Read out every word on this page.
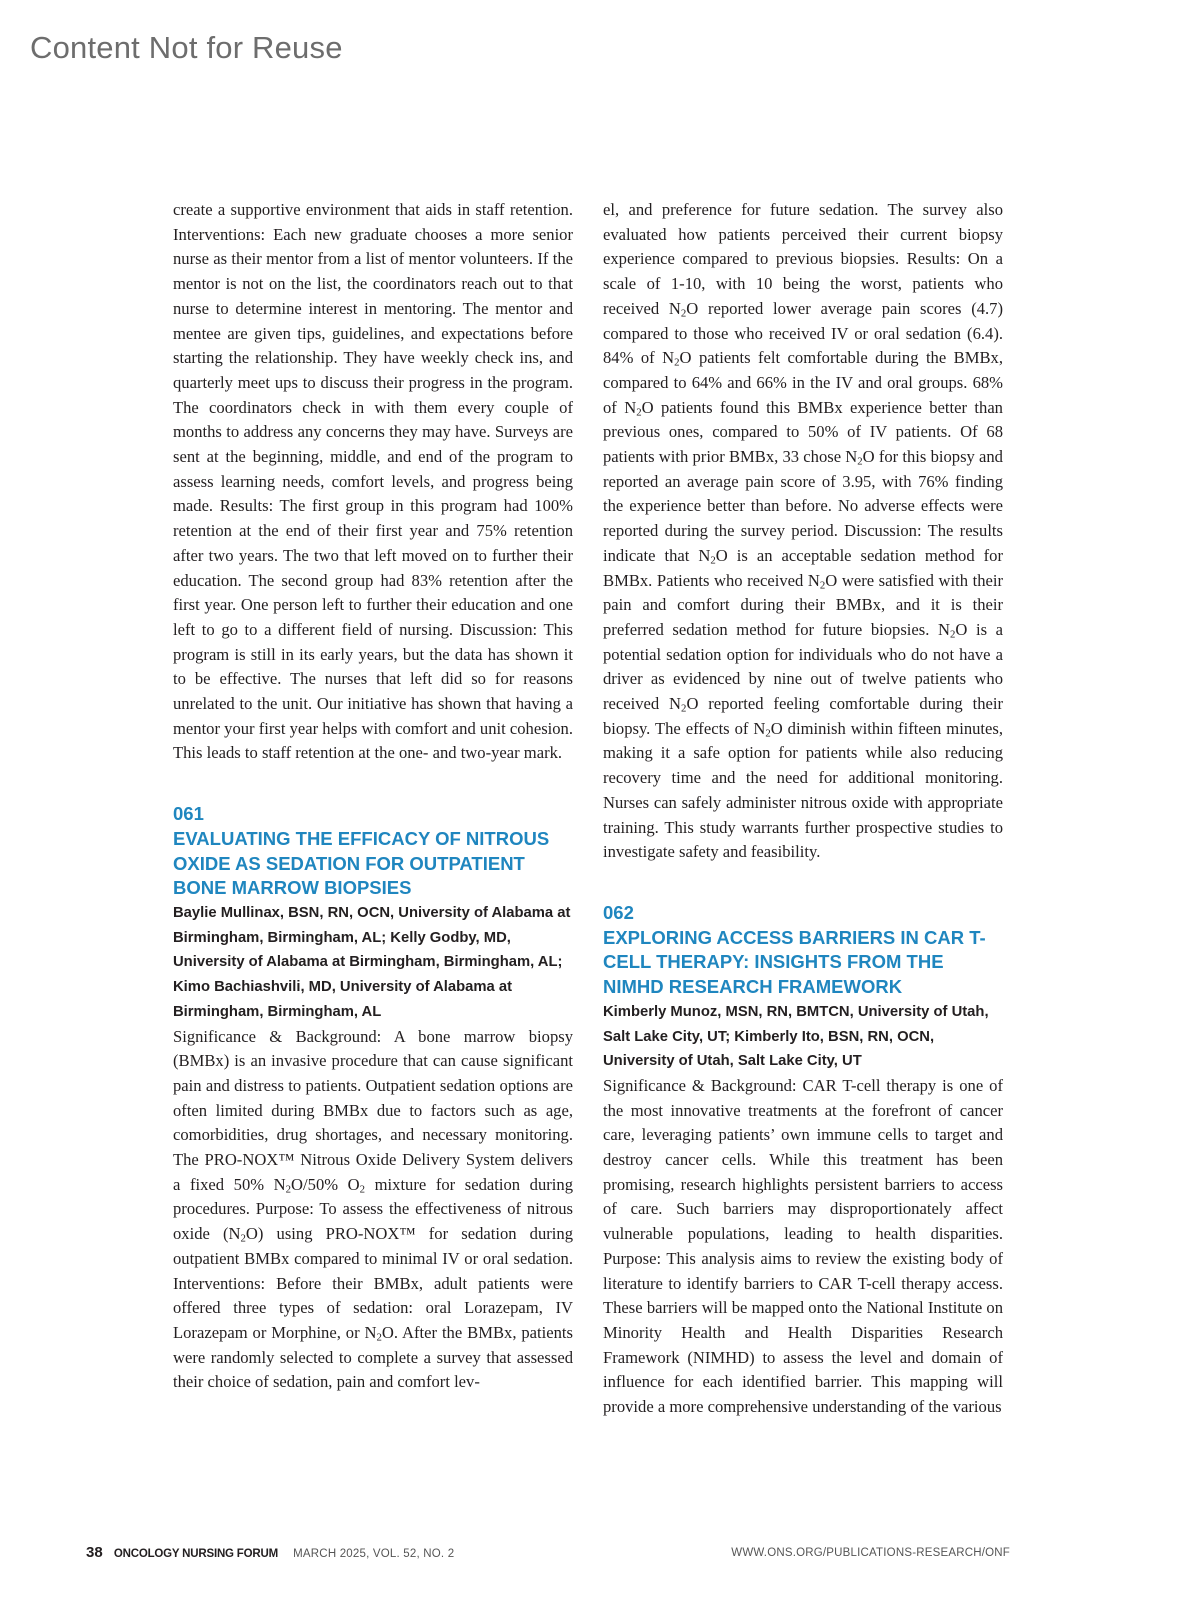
Content Not for Reuse

create a supportive environment that aids in staff retention. Interventions: Each new graduate chooses a more senior nurse as their mentor from a list of mentor volunteers. If the mentor is not on the list, the coordinators reach out to that nurse to determine interest in mentoring. The mentor and mentee are given tips, guidelines, and expectations before starting the relationship. They have weekly check ins, and quarterly meet ups to discuss their progress in the program. The coordinators check in with them every couple of months to address any concerns they may have. Surveys are sent at the beginning, middle, and end of the program to assess learning needs, comfort levels, and progress being made. Results: The first group in this program had 100% retention at the end of their first year and 75% retention after two years. The two that left moved on to further their education. The second group had 83% retention after the first year. One person left to further their education and one left to go to a different field of nursing. Discussion: This program is still in its early years, but the data has shown it to be effective. The nurses that left did so for reasons unrelated to the unit. Our initiative has shown that having a mentor your first year helps with comfort and unit cohesion. This leads to staff retention at the one- and two-year mark.

061

EVALUATING THE EFFICACY OF NITROUS OXIDE AS SEDATION FOR OUTPATIENT BONE MARROW BIOPSIES

Baylie Mullinax, BSN, RN, OCN, University of Alabama at Birmingham, Birmingham, AL; Kelly Godby, MD, University of Alabama at Birmingham, Birmingham, AL; Kimo Bachiashvili, MD, University of Alabama at Birmingham, Birmingham, AL

Significance & Background: A bone marrow biopsy (BMBx) is an invasive procedure that can cause significant pain and distress to patients. Outpatient sedation options are often limited during BMBx due to factors such as age, comorbidities, drug shortages, and necessary monitoring. The PRO-NOX™ Nitrous Oxide Delivery System delivers a fixed 50% $N_2O/50\%$ $O_2$ mixture for sedation during procedures. Purpose: To assess the effectiveness of nitrous oxide $(N_2O)$ using PRO-NOX™ for sedation during outpatient BMBx compared to minimal IV or oral sedation. Interventions: Before their BMBx, adult patients were offered three types of sedation: oral Lorazepam, IV Lorazepam or Morphine, or $N_2O$. After the BMBx, patients were randomly selected to complete a survey that assessed their choice of sedation, pain and comfort lev-

el, and preference for future sedation. The survey also evaluated how patients perceived their current biopsy experience compared to previous biopsies. Results: On a scale of 1-10, with 10 being the worst, patients who received $N_2O$ reported lower average pain scores (4.7) compared to those who received IV or oral sedation (6.4). 84% of $N_2O$ patients felt comfortable during the BMBx, compared to 64% and 66% in the IV and oral groups. 68% of $N_2O$ patients found this BMBx experience better than previous ones, compared to 50% of IV patients. Of 68 patients with prior BMBx, 33 chose $N_2O$ for this biopsy and reported an average pain score of 3.95, with 76% finding the experience better than before. No adverse effects were reported during the survey period. Discussion: The results indicate that $N_2O$ is an acceptable sedation method for BMBx. Patients who received $N_2O$ were satisfied with their pain and comfort during their BMBx, and it is their preferred sedation method for future biopsies. $N_2O$ is a potential sedation option for individuals who do not have a driver as evidenced by nine out of twelve patients who received $N_2O$ reported feeling comfortable during their biopsy. The effects of $N_2O$ diminish within fifteen minutes, making it a safe option for patients while also reducing recovery time and the need for additional monitoring. Nurses can safely administer nitrous oxide with appropriate training. This study warrants further prospective studies to investigate safety and feasibility.

062

EXPLORING ACCESS BARRIERS IN CAR T-CELL THERAPY: INSIGHTS FROM THE NIMHD RESEARCH FRAMEWORK

Kimberly Munoz, MSN, RN, BMTCN, University of Utah, Salt Lake City, UT; Kimberly Ito, BSN, RN, OCN, University of Utah, Salt Lake City, UT

Significance & Background: CAR T-cell therapy is one of the most innovative treatments at the forefront of cancer care, leveraging patients’ own immune cells to target and destroy cancer cells. While this treatment has been promising, research highlights persistent barriers to access of care. Such barriers may disproportionately affect vulnerable populations, leading to health disparities. Purpose: This analysis aims to review the existing body of literature to identify barriers to CAR T-cell therapy access. These barriers will be mapped onto the National Institute on Minority Health and Health Disparities Research Framework (NIMHD) to assess the level and domain of influence for each identified barrier. This mapping will provide a more comprehensive understanding of the various

38 ONCOLOGY NURSING FORUM MARCH 2025, VOL. 52, NO. 2	WWW.ONS.ORG/PUBLICATIONS-RESEARCH/ONF
